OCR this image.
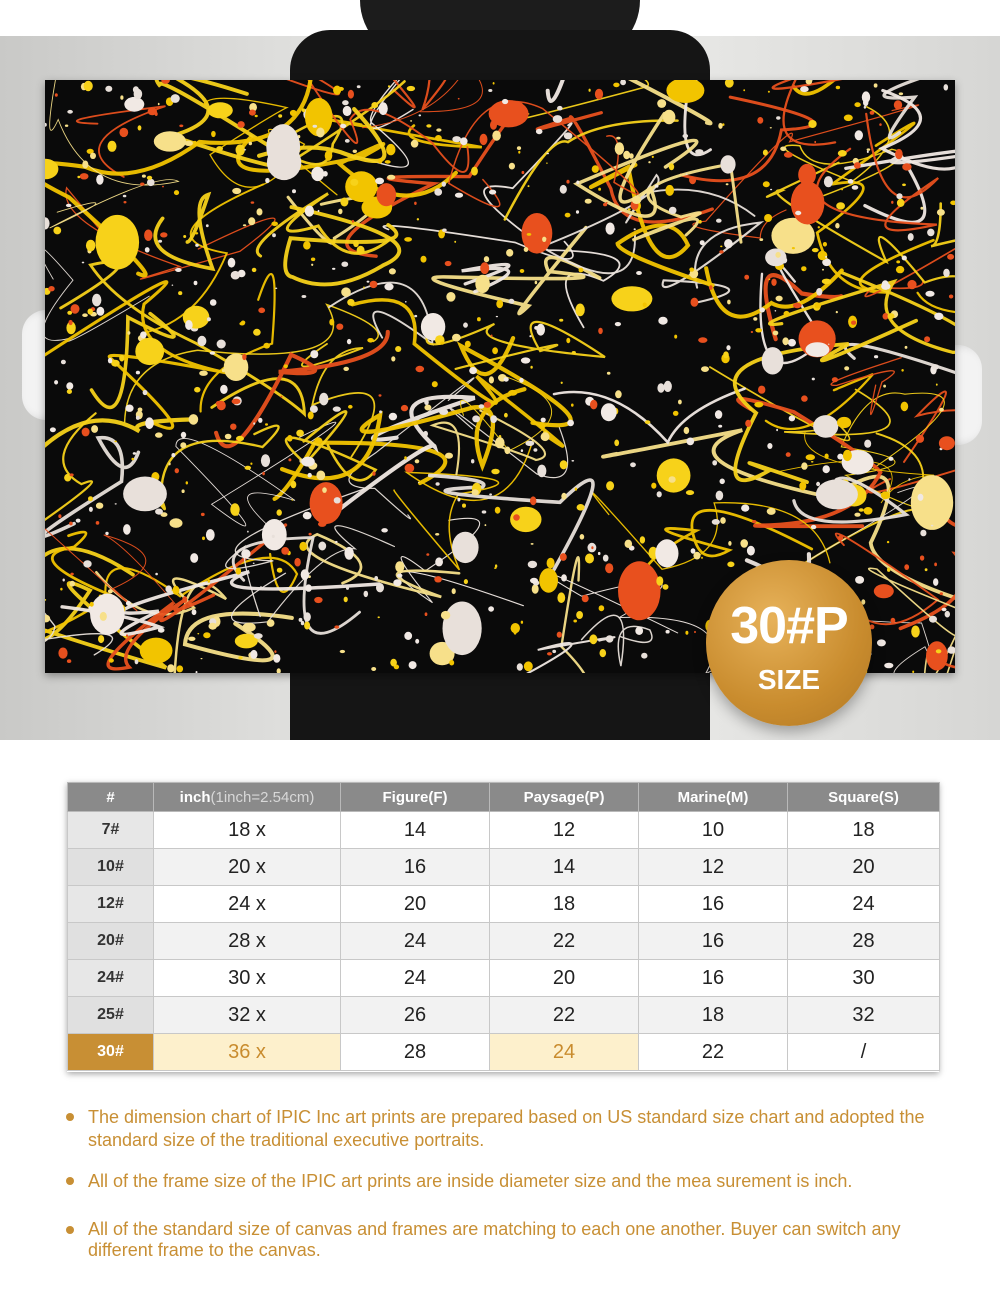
30#P
SIZE
#	inch(1inch=2.54cm)	Figure(F)	Paysage(P)	Marine(M)	Square(S)
7#	18 x	14	12	10	18
10#	20 x	16	14	12	20
12#	24 x	20	18	16	24
20#	28 x	24	22	16	28
24#	30 x	24	20	16	30
25#	32 x	26	22	18	32
30#	36 x	28	24	22	/
The dimension chart of IPIC Inc art prints are prepared based on US standard size chart and adopted the standard size of the traditional executive portraits.
All of the frame size of the IPIC art prints are inside diameter size and the mea surement is inch.
All of the standard size of canvas and frames are matching to each one another. Buyer can switch any different frame to the canvas.
